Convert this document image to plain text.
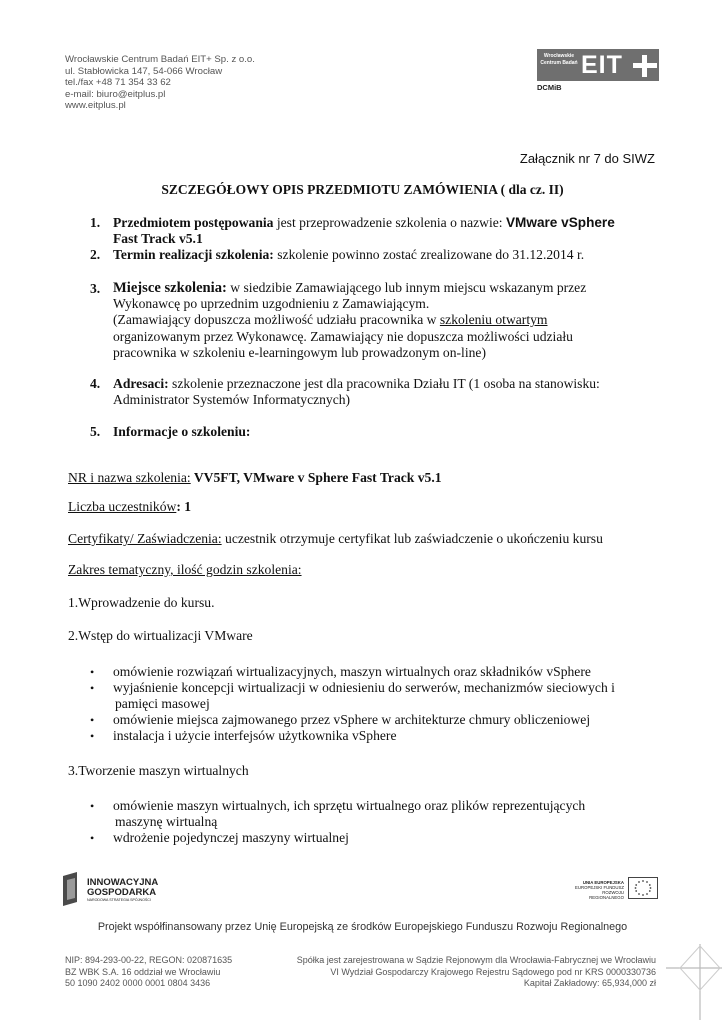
Wrocławskie Centrum Badań EIT+ Sp. z o.o.
ul. Stabłowicka 147, 54-066 Wrocław
tel./fax +48 71 354 33 62
e-mail: biuro@eitplus.pl
www.eitplus.pl
Wrocławskie Centrum Badań EIT
DCMiB
Załącznik nr 7 do SIWZ
SZCZEGÓŁOWY OPIS PRZEDMIOTU ZAMÓWIENIA ( dla cz. II)
1. Przedmiotem postępowania jest przeprowadzenie szkolenia o nazwie: VMware vSphere
Fast Track v5.1
2. Termin realizacji szkolenia: szkolenie powinno zostać zrealizowane do 31.12.2014 r.
3. Miejsce szkolenia: w siedzibie Zamawiającego lub innym miejscu wskazanym przez
Wykonawcę po uprzednim uzgodnieniu z Zamawiającym.
(Zamawiający dopuszcza możliwość udziału pracownika w szkoleniu otwartym
organizowanym przez Wykonawcę. Zamawiający nie dopuszcza możliwości udziału
pracownika w szkoleniu e-learningowym lub prowadzonym on-line)
4. Adresaci: szkolenie przeznaczone jest dla pracownika Działu IT (1 osoba na stanowisku:
Administrator Systemów Informatycznych)
5. Informacje o szkoleniu:
NR i nazwa szkolenia: VV5FT, VMware v Sphere Fast Track v5.1
Liczba uczestników: 1
Certyfikaty/ Zaświadczenia: uczestnik otrzymuje certyfikat lub zaświadczenie o ukończeniu kursu
Zakres tematyczny, ilość godzin szkolenia:
1.Wprowadzenie do kursu.
2.Wstęp do wirtualizacji VMware
• omówienie rozwiązań wirtualizacyjnych, maszyn wirtualnych oraz składników vSphere
• wyjaśnienie koncepcji wirtualizacji w odniesieniu do serwerów, mechanizmów sieciowych i
pamięci masowej
• omówienie miejsca zajmowanego przez vSphere w architekturze chmury obliczeniowej
• instalacja i użycie interfejsów użytkownika vSphere
3.Tworzenie maszyn wirtualnych
• omówienie maszyn wirtualnych, ich sprzętu wirtualnego oraz plików reprezentujących
maszynę wirtualną
• wdrożenie pojedynczej maszyny wirtualnej
INNOWACYJNA
GOSPODARKA
NARODOWA STRATEGIA SPÓJNOŚCI
UNIA EUROPEJSKA
EUROPEJSKI FUNDUSZ
ROZWOJU REGIONALNEGO
Projekt współfinansowany przez Unię Europejską ze środków Europejskiego Funduszu Rozwoju Regionalnego
NIP: 894-293-00-22, REGON: 020871635
BZ WBK S.A. 16 oddział we Wrocławiu
50 1090 2402 0000 0001 0804 3436
Spółka jest zarejestrowana w Sądzie Rejonowym dla Wrocławia-Fabrycznej we Wrocławiu
VI Wydział Gospodarczy Krajowego Rejestru Sądowego pod nr KRS 0000330736
Kapitał Zakładowy: 65,934,000 zł
